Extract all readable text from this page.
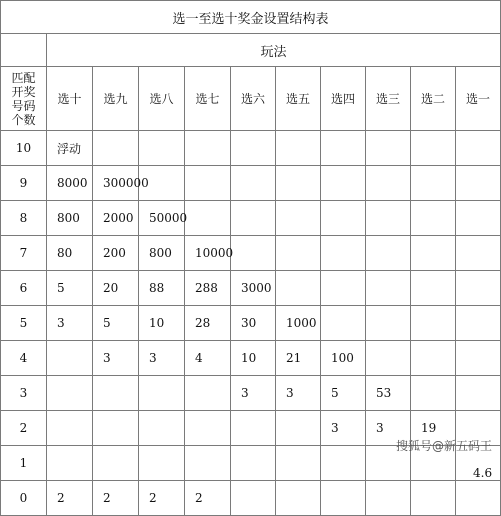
选一至选十奖金设置结构表										
	玩法									

匹配
开奖
号码
个数	选十	选九	选八	选七	选六	选五	选四	选三	选二	选一
10	浮动									
9	8000	300000								
8	800	2000	50000							
7	80	200	800	10000						
6	5	20	88	288	3000					
5	3	5	10	28	30	1000				
4		3	3	4	10	21	100			
3					3	3	5	53		
2							3	3	19	
1										4.6
0	2	2	2	2						
搜狐号@新五码王
